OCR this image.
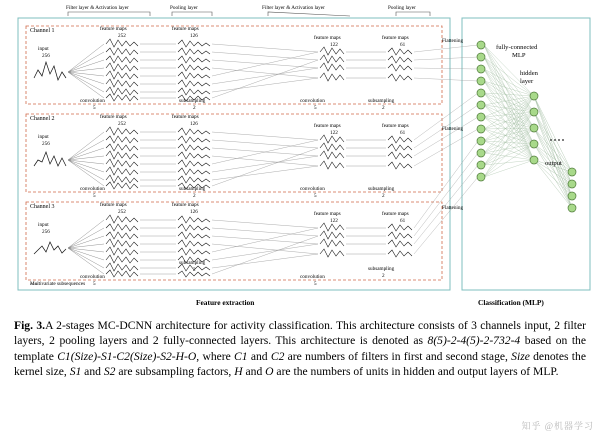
Filter layer & Activation layer	Pooling layer	Filter layer & Activation layer	Pooling layer
Channel 1
input
256
feature maps
252
convolution
5
feature maps
126
subsampling
2
feature maps
122
convolution
5
feature maps
61
subsampling
2
Flattening
Channel 2
input
256
feature maps
252
convolution
5
feature maps
126
subsampling
2
feature maps
122
convolution
5
feature maps
61
subsampling
2
Flattening
Channel 3
input
256
feature maps
252
convolution
5
feature maps
126
subsampling
2
feature maps
122
convolution
5
feature maps
61
subsampling
2
Flattening
fully-connected
MLP
hidden
layer
output
Multivariate subsequences
Feature extraction	Classification (MLP)
Fig. 3.A 2-stages MC-DCNN architecture for activity classification. This architecture consists of 3 channels input, 2 filter layers, 2 pooling layers and 2 fully-connected layers. This architecture is denoted as 8(5)-2-4(5)-2-732-4 based on the template C1(Size)-S1-C2(Size)-S2-H-O, where C1 and C2 are numbers of filters in first and second stage, Size denotes the kernel size, S1 and S2 are subsampling factors, H and O are the numbers of units in hidden and output layers of MLP.
知乎 @机器学习
